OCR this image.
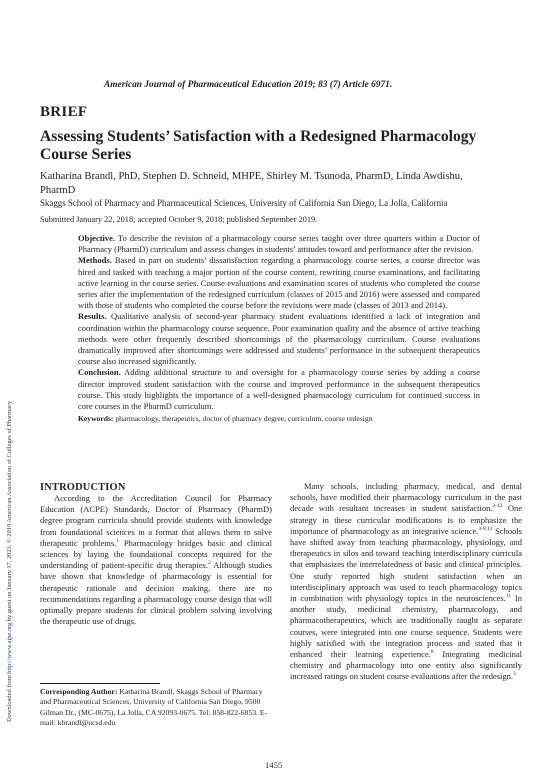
Downloaded from http://www.ajpe.org by guest on January 17, 2023. © 2019 American Association of Colleges of Pharmacy
American Journal of Pharmaceutical Education 2019; 83 (7) Article 6971.
BRIEF
Assessing Students’ Satisfaction with a Redesigned Pharmacology Course Series
Katharina Brandl, PhD, Stephen D. Schneid, MHPE, Shirley M. Tsunoda, PharmD, Linda Awdishu, PharmD
Skaggs School of Pharmacy and Pharmaceutical Sciences, University of California San Diego, La Jolla, California
Submitted January 22, 2018; accepted October 9, 2018; published September 2019.

Objective. To describe the revision of a pharmacology course series taught over three quarters within a Doctor of Pharmacy (PharmD) curriculum and assess changes in students’ attitudes toward and performance after the revision.

Methods. Based in part on students’ dissatisfaction regarding a pharmacology course series, a course director was hired and tasked with teaching a major portion of the course content, rewriting course examinations, and facilitating active learning in the course series. Course evaluations and examination scores of students who completed the course series after the implementation of the redesigned curriculum (classes of 2015 and 2016) were assessed and compared with those of students who completed the course before the revisions were made (classes of 2013 and 2014).

Results. Qualitative analysis of second-year pharmacy student evaluations identified a lack of integration and coordination within the pharmacology course sequence. Poor examination quality and the absence of active teaching methods were other frequently described shortcomings of the pharmacology curriculum. Course evaluations dramatically improved after shortcomings were addressed and students’ performance in the subsequent therapeutics course also increased significantly.

Conclusion. Adding additional structure to and oversight for a pharmacology course series by adding a course director improved student satisfaction with the course and improved performance in the subsequent therapeutics course. This study highlights the importance of a well-designed pharmacology curriculum for continued success in core courses in the PharmD curriculum.

Keywords: pharmacology, therapeutics, doctor of pharmacy degree, curriculum, course redesign

INTRODUCTION

According to the Accreditation Council for Pharmacy Education (ACPE) Standards, Doctor of Pharmacy (PharmD) degree program curricula should provide students with knowledge from foundational sciences in a format that allows them to solve therapeutic problems.$^1$ Pharmacology bridges basic and clinical sciences by laying the foundational concepts required for the understanding of patient-specific drug therapies.$^2$ Although studies have shown that knowledge of pharmacology is essential for therapeutic rationale and decision making, there are no recommendations regarding a pharmacology course design that will optimally prepare students for clinical problem solving involving the therapeutic use of drugs.

Many schools, including pharmacy, medical, and dental schools, have modified their pharmacology curriculum in the past decade with resultant increases in student satisfaction.$^{3-12}$ One strategy in these curricular modifications is to emphasize the importance of pharmacology as an integrative science.$^{3-8,11}$ Schools have shifted away from teaching pharmacology, physiology, and therapeutics in silos and toward teaching interdisciplinary curricula that emphasizes the interrelatedness of basic and clinical principles. One study reported high student satisfaction when an interdisciplinary approach was used to teach pharmacology topics in combination with physiology topics in the neurosciences.$^{11}$ In another study, medicinal chemistry, pharmacology, and pharmacotherapeutics, which are traditionally taught as separate courses, were integrated into one course sequence. Students were highly satisfied with the integration process and stated that it enhanced their learning experience.$^8$ Integrating medicinal chemistry and pharmacology into one entity also significantly increased ratings on student course evaluations after the redesign.$^3$

Corresponding Author: Katharina Brandl, Skaggs School of Pharmacy and Pharmaceutical Sciences, University of California San Diego, 9500 Gilman Dr., (MC-0675), La Jolla, CA 92093-0675. Tel: 858-822-6853. E-mail: kbrandl@ucsd.edu
1455
